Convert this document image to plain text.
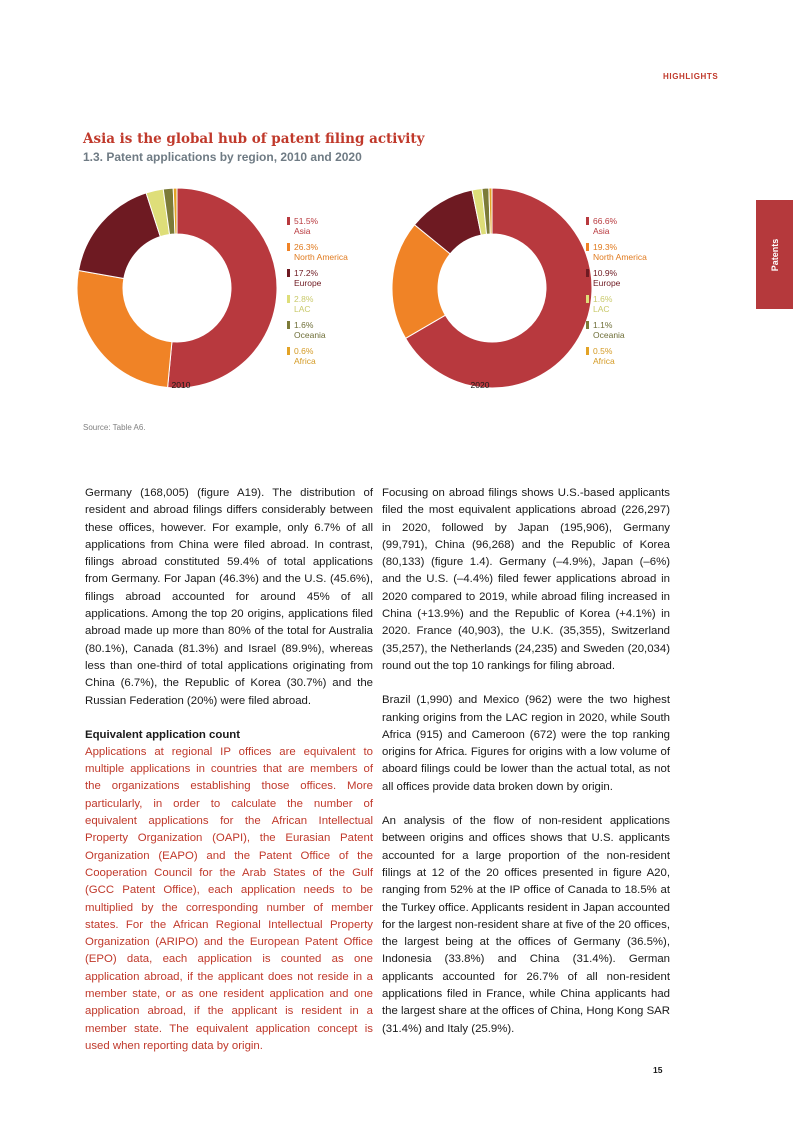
HIGHLIGHTS
Patents
Asia is the global hub of patent filing activity
1.3. Patent applications by region, 2010 and 2020
51.5%
Asia
26.3%
North America
17.2%
Europe
2.8%
LAC
1.6%
Oceania
0.6%
Africa
2010
66.6%
Asia
19.3%
North America
10.9%
Europe
1.6%
LAC
1.1%
Oceania
0.5%
Africa
2020
Source: Table A6.

Germany (168,005) (figure A19). The distribution of resident and abroad filings differs considerably between these offices, however. For example, only 6.7% of all applications from China were filed abroad. In contrast, filings abroad constituted 59.4% of total applications from Germany. For Japan (46.3%) and the U.S. (45.6%), filings abroad accounted for around 45% of all applications. Among the top 20 origins, applications filed abroad made up more than 80% of the total for Australia (80.1%), Canada (81.3%) and Israel (89.9%), whereas less than one-third of total applications originating from China (6.7%), the Republic of Korea (30.7%) and the Russian Federation (20%) were filed abroad.

Equivalent application count

Applications at regional IP offices are equivalent to multiple applications in countries that are members of the organizations establishing those offices. More particularly, in order to calculate the number of equivalent applications for the African Intellectual Property Organization (OAPI), the Eurasian Patent Organization (EAPO) and the Patent Office of the Cooperation Council for the Arab States of the Gulf (GCC Patent Office), each application needs to be multiplied by the corresponding number of member states. For the African Regional Intellectual Property Organization (ARIPO) and the European Patent Office (EPO) data, each application is counted as one application abroad, if the applicant does not reside in a member state, or as one resident application and one application abroad, if the applicant is resident in a member state. The equivalent application concept is used when reporting data by origin.

Focusing on abroad filings shows U.S.-based applicants filed the most equivalent applications abroad (226,297) in 2020, followed by Japan (195,906), Germany (99,791), China (96,268) and the Republic of Korea (80,133) (figure 1.4). Germany (–4.9%), Japan (–6%) and the U.S. (–4.4%) filed fewer applications abroad in 2020 compared to 2019, while abroad filing increased in China (+13.9%) and the Republic of Korea (+4.1%) in 2020. France (40,903), the U.K. (35,355), Switzerland (35,257), the Netherlands (24,235) and Sweden (20,034) round out the top 10 rankings for filing abroad.

Brazil (1,990) and Mexico (962) were the two highest ranking origins from the LAC region in 2020, while South Africa (915) and Cameroon (672) were the top ranking origins for Africa. Figures for origins with a low volume of aboard filings could be lower than the actual total, as not all offices provide data broken down by origin.

An analysis of the flow of non-resident applications between origins and offices shows that U.S. applicants accounted for a large proportion of the non-resident filings at 12 of the 20 offices presented in figure A20, ranging from 52% at the IP office of Canada to 18.5% at the Turkey office. Applicants resident in Japan accounted for the largest non-resident share at five of the 20 offices, the largest being at the offices of Germany (36.5%), Indonesia (33.8%) and China (31.4%). German applicants accounted for 26.7% of all non-resident applications filed in France, while China applicants had the largest share at the offices of China, Hong Kong SAR (31.4%) and Italy (25.9%).

15
